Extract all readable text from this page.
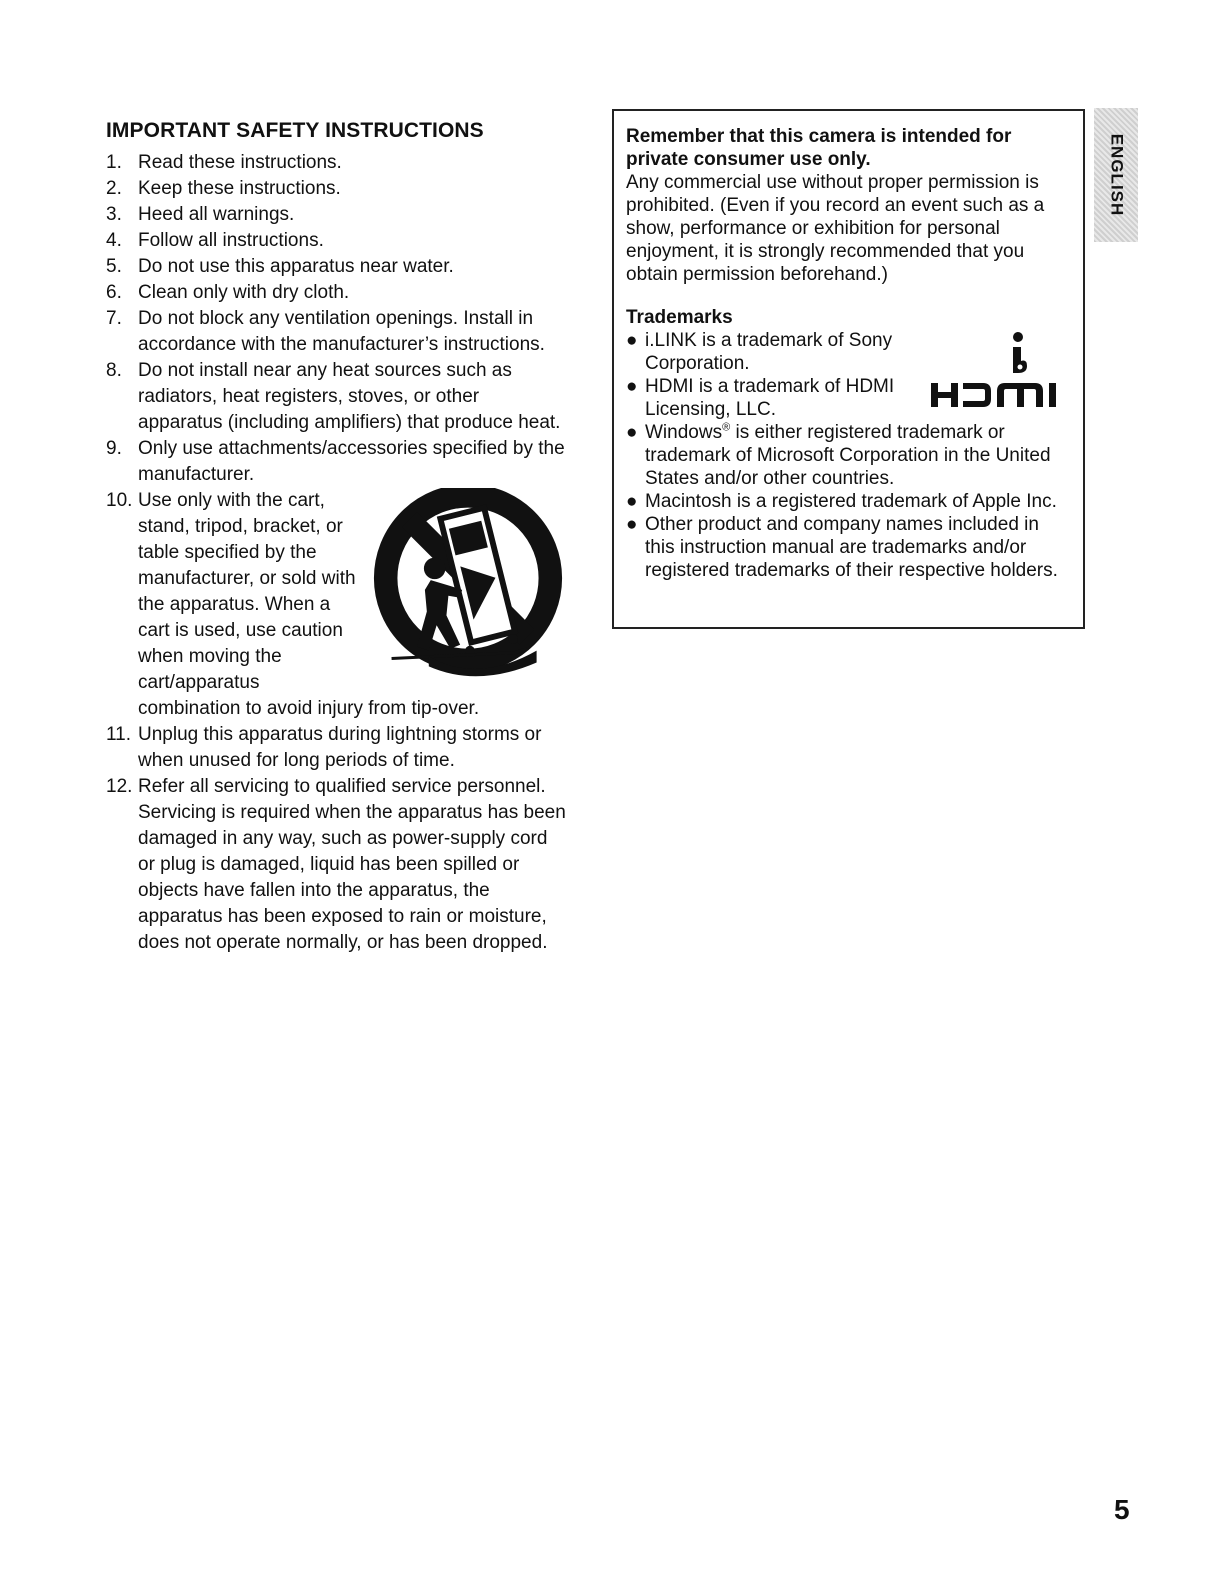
IMPORTANT SAFETY INSTRUCTIONS
1. Read these instructions.
2. Keep these instructions.
3. Heed all warnings.
4. Follow all instructions.
5. Do not use this apparatus near water.
6. Clean only with dry cloth.
7. Do not block any ventilation openings. Install in accordance with the manufacturer’s instructions.
8. Do not install near any heat sources such as radiators, heat registers, stoves, or other apparatus (including amplifiers) that produce heat.
9. Only use attachments/accessories specified by the manufacturer.
10. Use only with the cart, stand, tripod, bracket, or table specified by the manufacturer, or sold with the apparatus. When a cart is used, use caution when moving the cart/apparatus combination to avoid injury from tip-over.
11. Unplug this apparatus during lightning storms or when unused for long periods of time.
12. Refer all servicing to qualified service personnel. Servicing is required when the apparatus has been damaged in any way, such as power-supply cord or plug is damaged, liquid has been spilled or objects have fallen into the apparatus, the apparatus has been exposed to rain or moisture, does not operate normally, or has been dropped.

Remember that this camera is intended for private consumer use only.

Any commercial use without proper permission is prohibited. (Even if you record an event such as a show, performance or exhibition for personal enjoyment, it is strongly recommended that you obtain permission beforehand.)

Trademarks

● i.LINK is a trademark of Sony Corporation.
● HDMI is a trademark of HDMI Licensing, LLC.
● Windows® is either registered trademark or trademark of Microsoft Corporation in the United States and/or other countries.
● Macintosh is a registered trademark of Apple Inc.
● Other product and company names included in this instruction manual are trademarks and/or registered trademarks of their respective holders.
ENGLISH
5
